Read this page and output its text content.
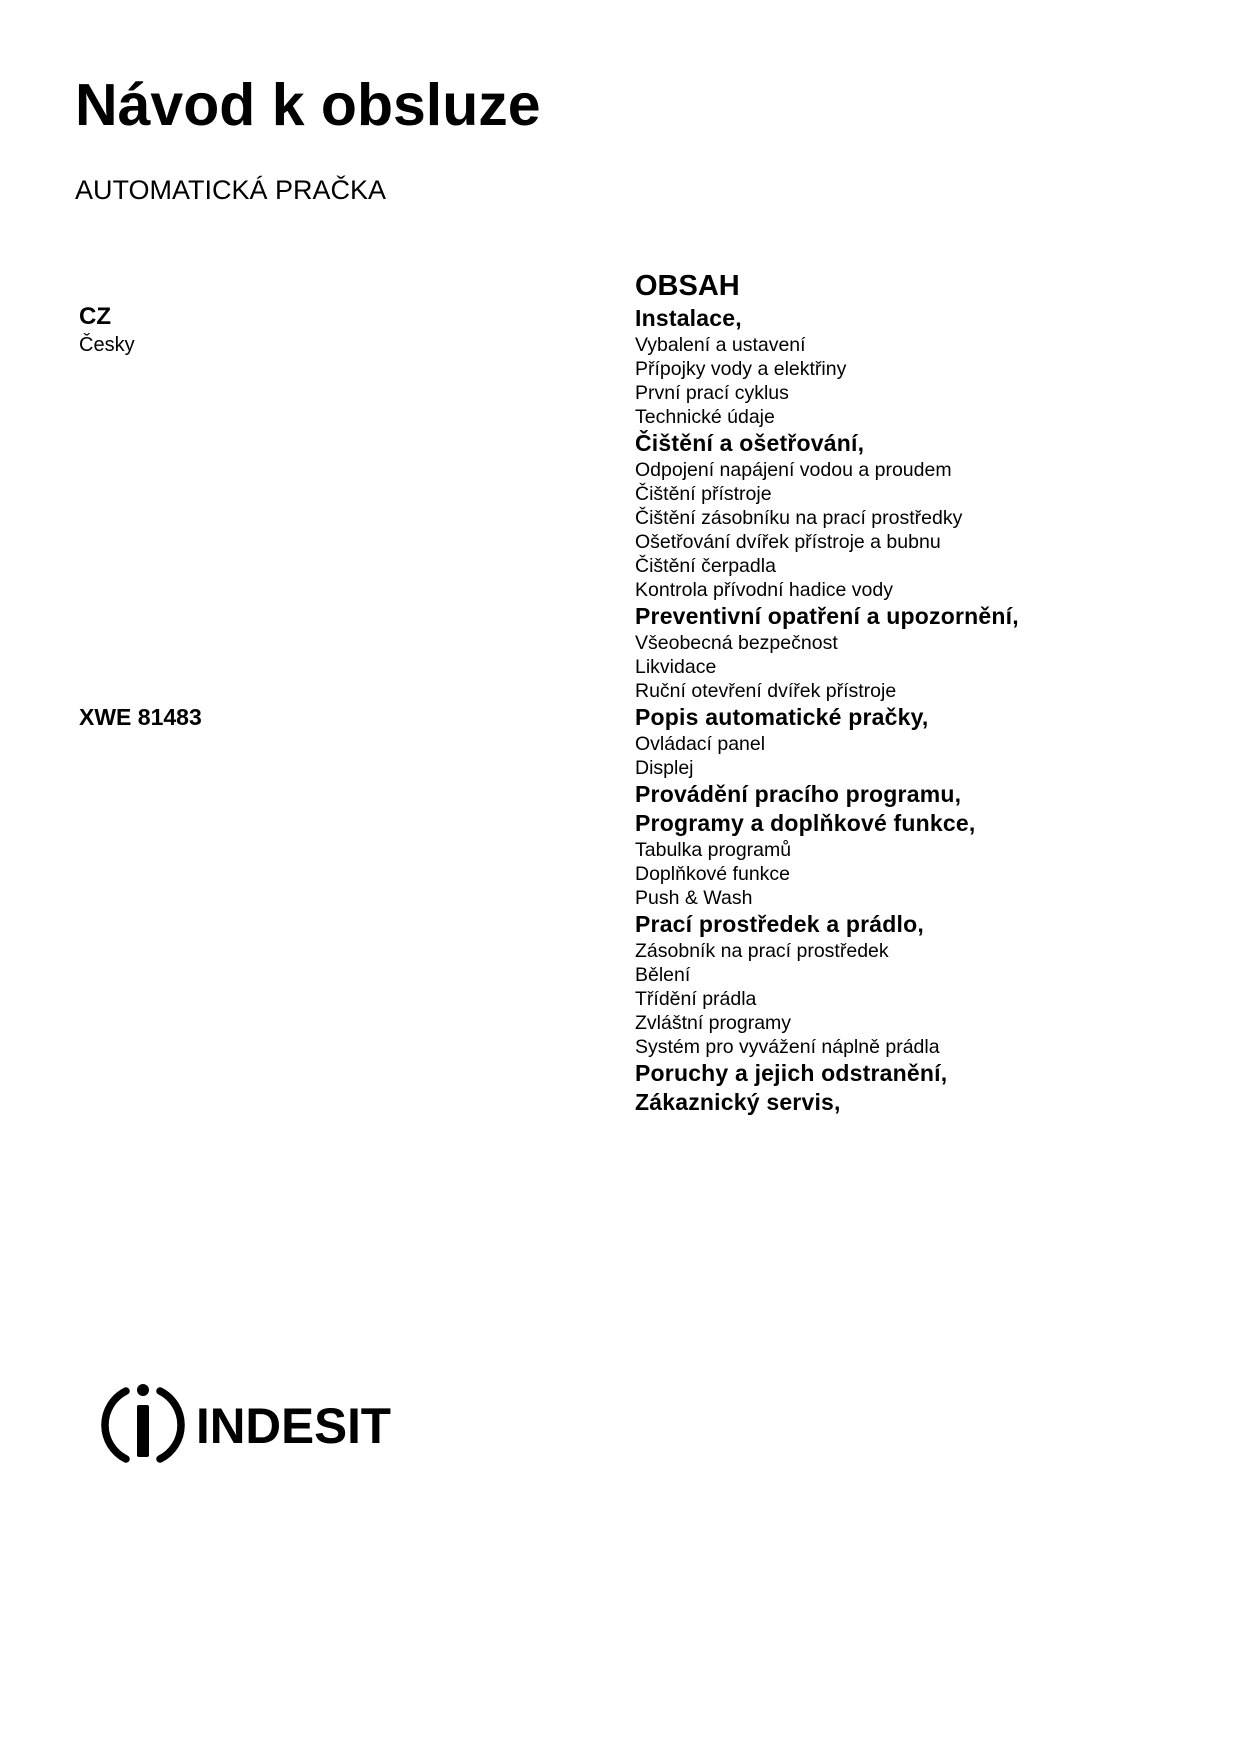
Návod k obsluze
AUTOMATICKÁ PRAČKA
CZ
Česky
XWE 81483
OBSAH
Instalace,
Vybalení a ustavení
Přípojky vody a elektřiny
První prací cyklus
Technické údaje
Čištění a ošetřování,
Odpojení napájení vodou a proudem
Čištění přístroje
Čištění zásobníku na prací prostředky
Ošetřování dvířek přístroje a bubnu
Čištění čerpadla
Kontrola přívodní hadice vody
Preventivní opatření a upozornění,
Všeobecná bezpečnost
Likvidace
Ruční otevření dvířek přístroje
Popis automatické pračky,
Ovládací panel
Displej
Provádění pracího programu,
Programy a doplňkové funkce,
Tabulka programů
Doplňkové funkce
Push & Wash
Prací prostředek a prádlo,
Zásobník na prací prostředek
Bělení
Třídění prádla
Zvláštní programy
Systém pro vyvážení náplně prádla
Poruchy a jejich odstranění,
Zákaznický servis,
INDESIT
